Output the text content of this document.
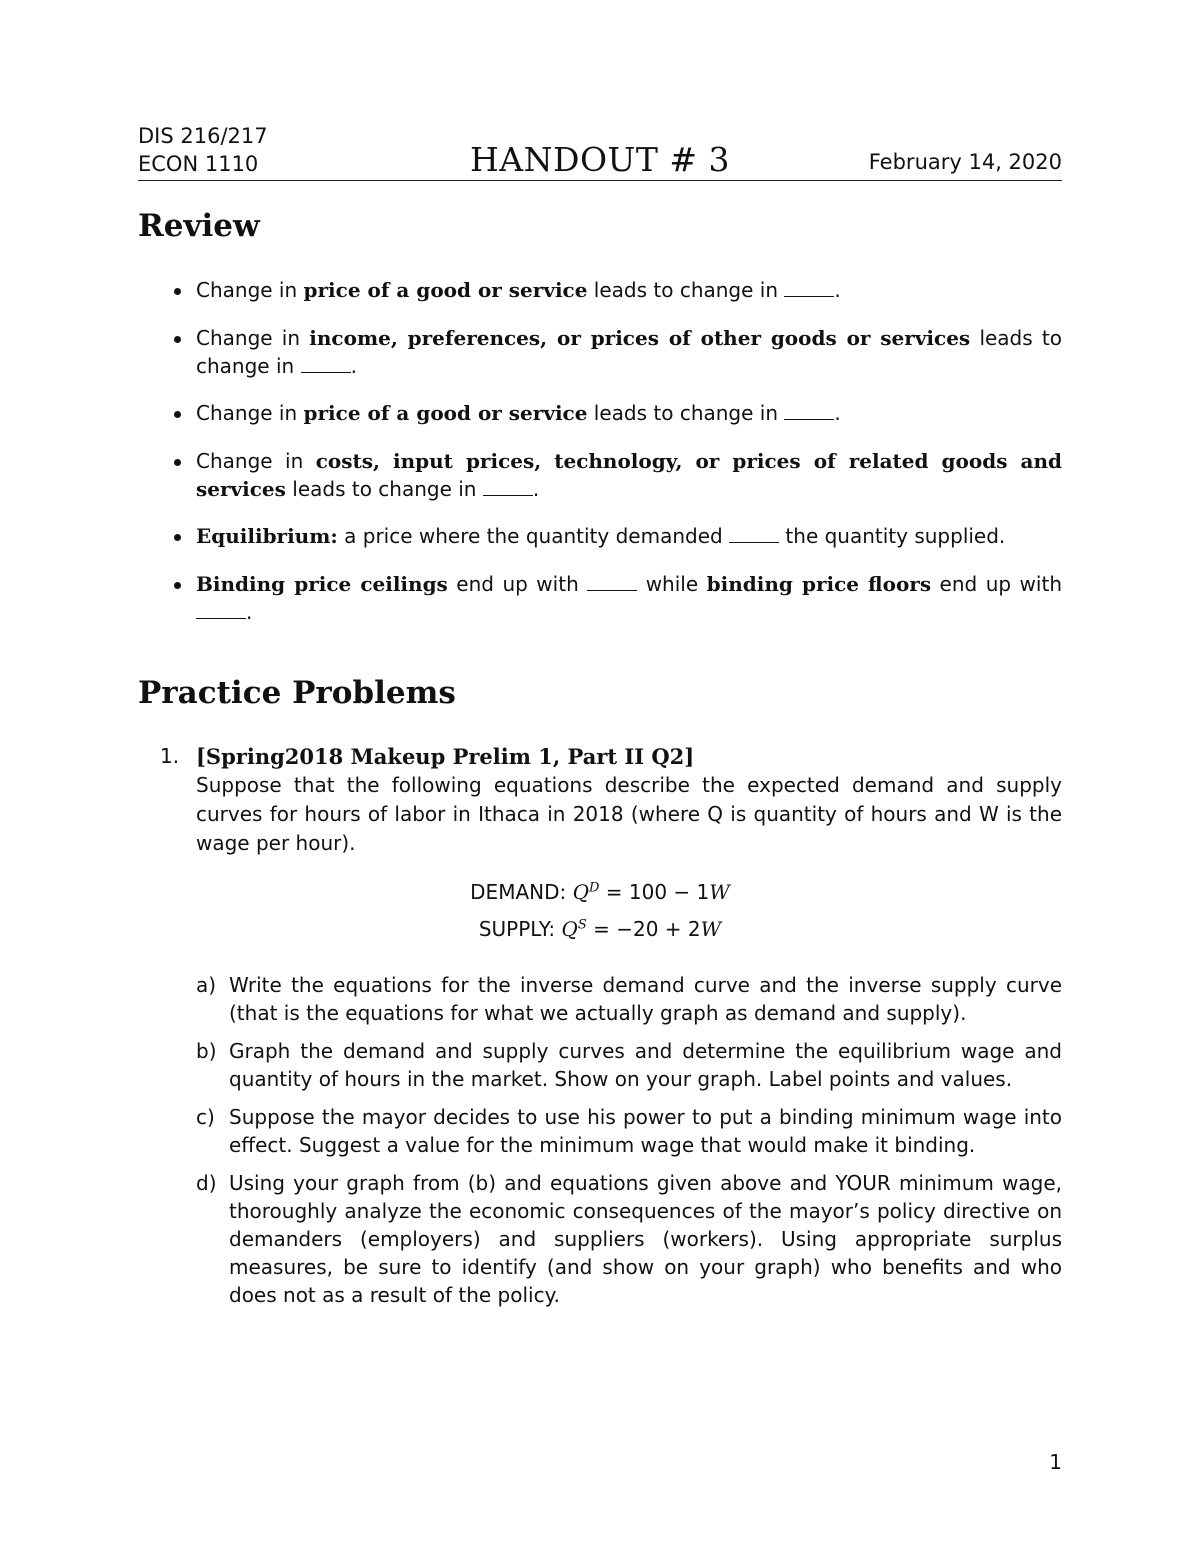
DIS 216/217
ECON 1110	HANDOUT # 3	February 14, 2020
Review
Change in price of a good or service leads to change in	.
Change in income, preferences, or prices of other goods or services leads to change in	.
Change in price of a good or service leads to change in	.
Change in costs, input prices, technology, or prices of related goods and services leads to change in	.
Equilibrium: a price where the quantity demanded	the quantity supplied.
Binding price ceilings end up with	while binding price floors end up with .
Practice Problems
1. [Spring2018 Makeup Prelim 1, Part II Q2]
Suppose that the following equations describe the expected demand and supply curves for hours of labor in Ithaca in 2018 (where Q is quantity of hours and W is the wage per hour).
DEMAND: $Q^D = 100 - 1W$
SUPPLY: $Q^S = -20 + 2W$
a) Write the equations for the inverse demand curve and the inverse supply curve (that is the equations for what we actually graph as demand and supply).
b) Graph the demand and supply curves and determine the equilibrium wage and quantity of hours in the market. Show on your graph. Label points and values.
c) Suppose the mayor decides to use his power to put a binding minimum wage into effect. Suggest a value for the minimum wage that would make it binding.
d) Using your graph from (b) and equations given above and YOUR minimum wage, thoroughly analyze the economic consequences of the mayor’s policy directive on demanders (employers) and suppliers (workers). Using appropriate surplus measures, be sure to identify (and show on your graph) who benefits and who does not as a result of the policy.
1
